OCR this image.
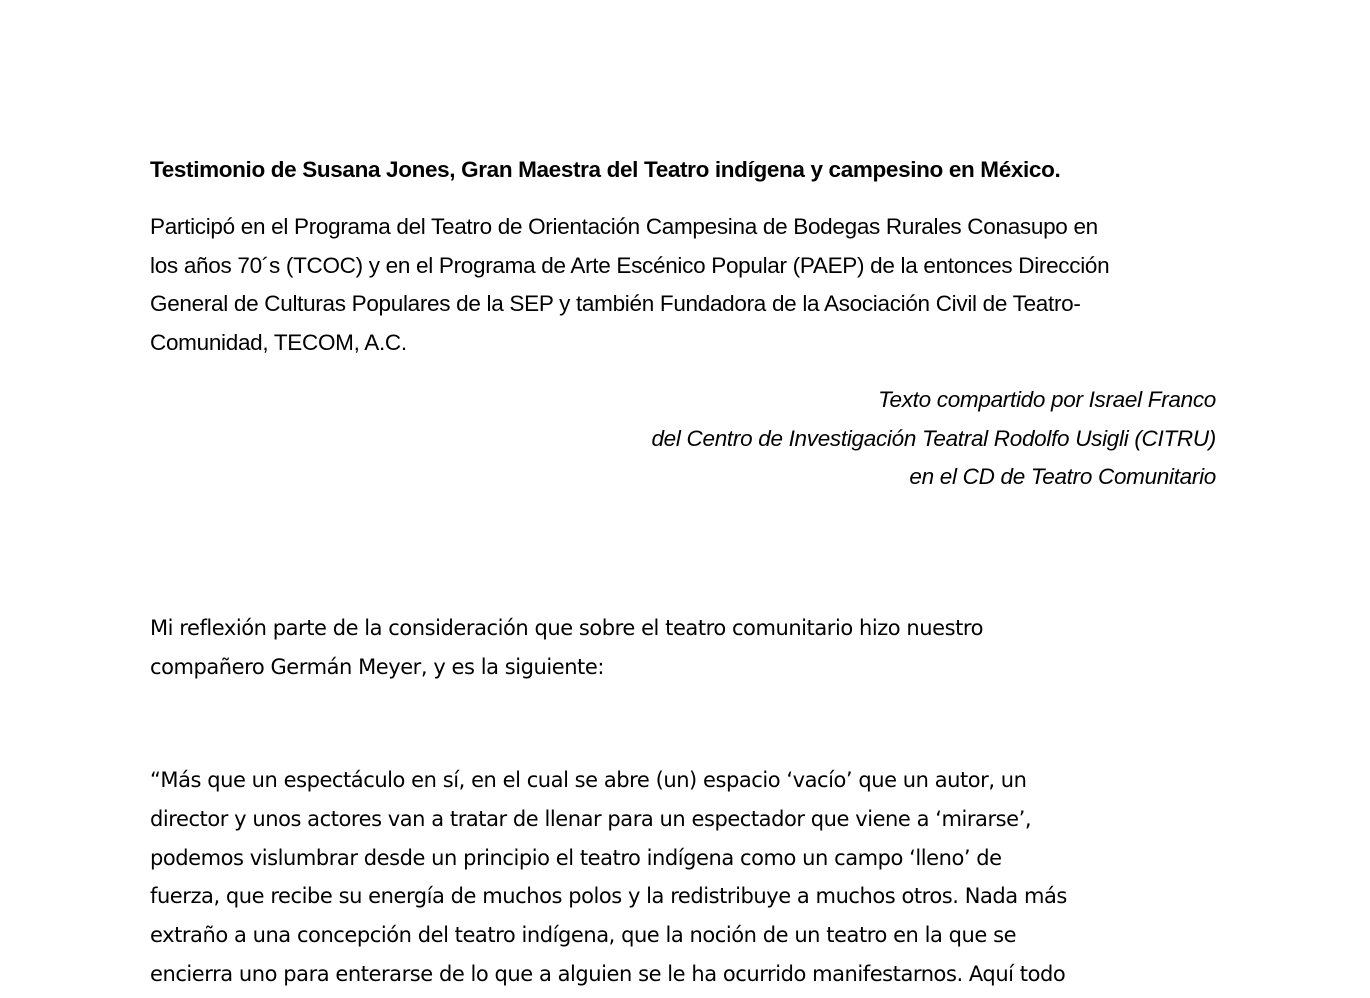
Testimonio de Susana Jones, Gran Maestra del Teatro indígena y campesino en México.

Participó en el Programa del Teatro de Orientación Campesina de Bodegas Rurales Conasupo en
los años 70´s (TCOC) y en el Programa de Arte Escénico Popular (PAEP) de la entonces Dirección
General de Culturas Populares de la SEP y también Fundadora de la Asociación Civil de Teatro-
Comunidad, TECOM, A.C.

Texto compartido por Israel Franco
del Centro de Investigación Teatral Rodolfo Usigli (CITRU)
en el CD de Teatro Comunitario

Mi reflexión parte de la consideración que sobre el teatro comunitario hizo nuestro
compañero Germán Meyer, y es la siguiente:

“Más que un espectáculo en sí, en el cual se abre (un) espacio ‘vacío’ que un autor, un
director y unos actores van a tratar de llenar para un espectador que viene a ‘mirarse’,
podemos vislumbrar desde un principio el teatro indígena como un campo ‘lleno’ de
fuerza, que recibe su energía de muchos polos y la redistribuye a muchos otros. Nada más
extraño a una concepción del teatro indígena, que la noción de un teatro en la que se
encierra uno para enterarse de lo que a alguien se le ha ocurrido manifestarnos. Aquí todo
